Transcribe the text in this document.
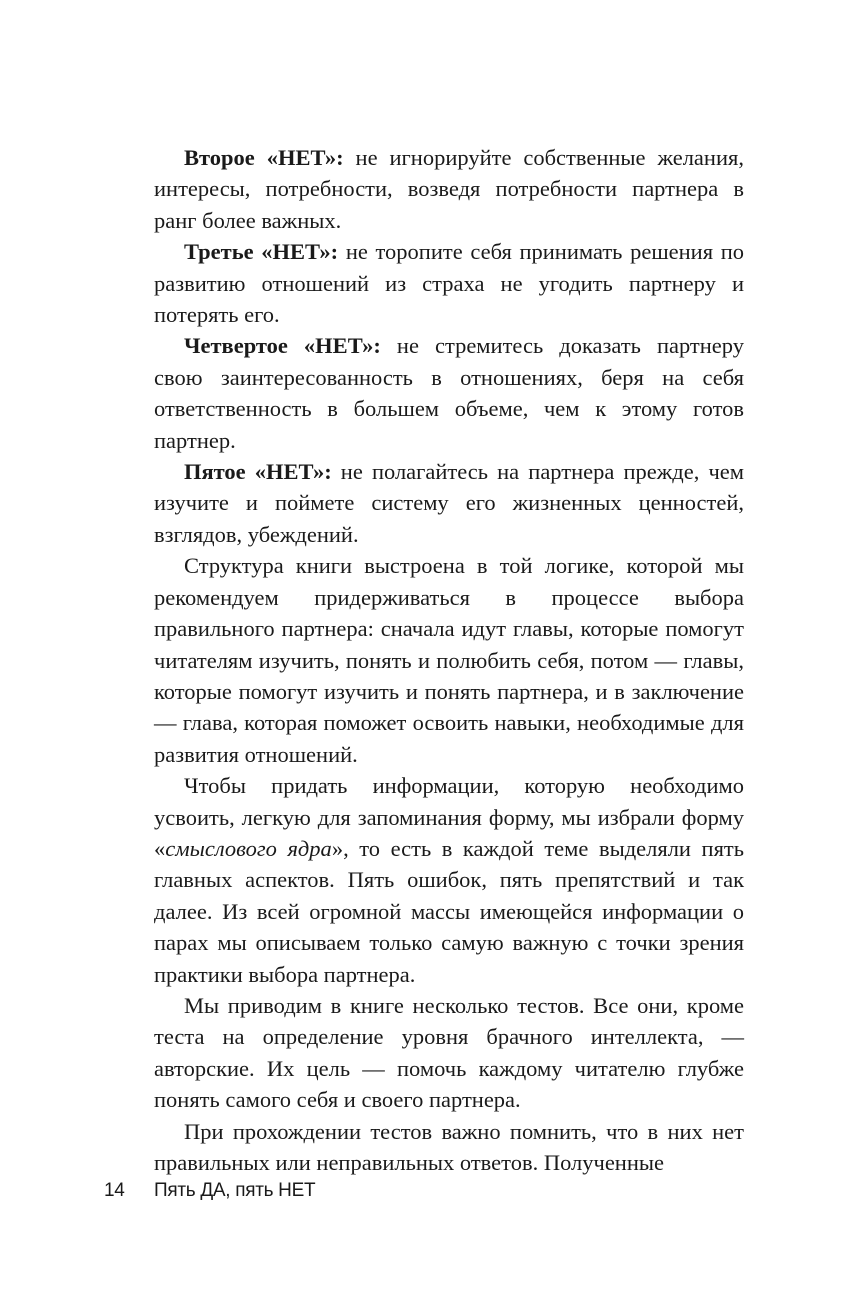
Второе «НЕТ»: не игнорируйте собственные желания, интересы, потребности, возведя потребности партнера в ранг более важных.

Третье «НЕТ»: не торопите себя принимать решения по развитию отношений из страха не угодить партнеру и потерять его.

Четвертое «НЕТ»: не стремитесь доказать партнеру свою заинтересованность в отношениях, беря на себя ответственность в большем объеме, чем к этому готов партнер.

Пятое «НЕТ»: не полагайтесь на партнера прежде, чем изучите и поймете систему его жизненных ценностей, взглядов, убеждений.

Структура книги выстроена в той логике, которой мы рекомендуем придерживаться в процессе выбора правильного партнера: сначала идут главы, которые помогут читателям изучить, понять и полюбить себя, потом — главы, которые помогут изучить и понять партнера, и в заключение — глава, которая поможет освоить навыки, необходимые для развития отношений.

Чтобы придать информации, которую необходимо усвоить, легкую для запоминания форму, мы избрали форму «смыслового ядра», то есть в каждой теме выделяли пять главных аспектов. Пять ошибок, пять препятствий и так далее. Из всей огромной массы имеющейся информации о парах мы описываем только самую важную с точки зрения практики выбора партнера.

Мы приводим в книге несколько тестов. Все они, кроме теста на определение уровня брачного интеллекта, — авторские. Их цель — помочь каждому читателю глубже понять самого себя и своего партнера.

При прохождении тестов важно помнить, что в них нет правильных или неправильных ответов. Полученные

14 Пять ДА, пять НЕТ
